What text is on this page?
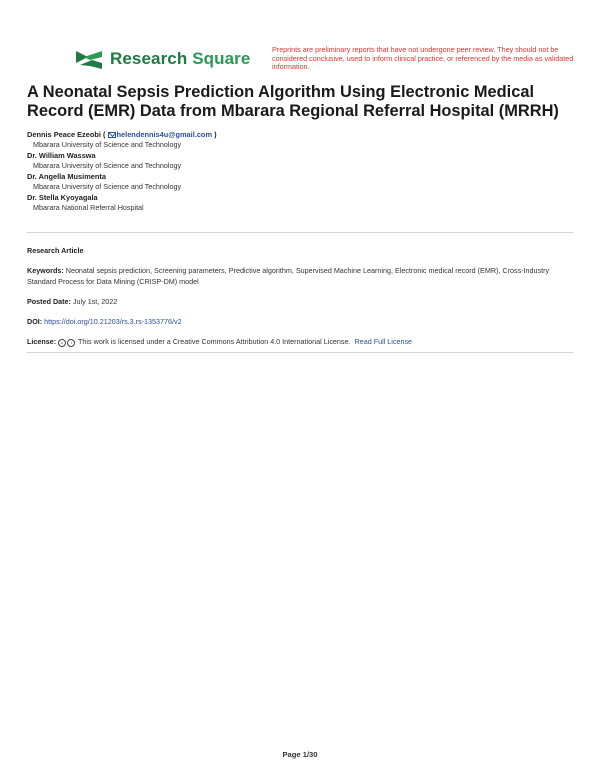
Research Square	Preprints are preliminary reports that have not undergone peer review. They should not be considered conclusive, used to inform clinical practice, or referenced by the media as validated information.
A Neonatal Sepsis Prediction Algorithm Using Electronic Medical Record (EMR) Data from Mbarara Regional Referral Hospital (MRRH)
Dennis Peace Ezeobi ( helendennis4u@gmail.com )
Mbarara University of Science and Technology
Dr. William Wasswa
Mbarara University of Science and Technology
Dr. Angella Musimenta
Mbarara University of Science and Technology
Dr. Stella Kyoyagala
Mbarara National Referral Hospital
Research Article
Keywords: Neonatal sepsis prediction, Screening parameters, Predictive algorithm, Supervised Machine Learning, Electronic medical record (EMR), Cross-Industry Standard Process for Data Mining (CRISP-DM) model
Posted Date: July 1st, 2022
DOI: https://doi.org/10.21203/rs.3.rs-1353776/v2
License: c i This work is licensed under a Creative Commons Attribution 4.0 International License. Read Full License
Page 1/30
